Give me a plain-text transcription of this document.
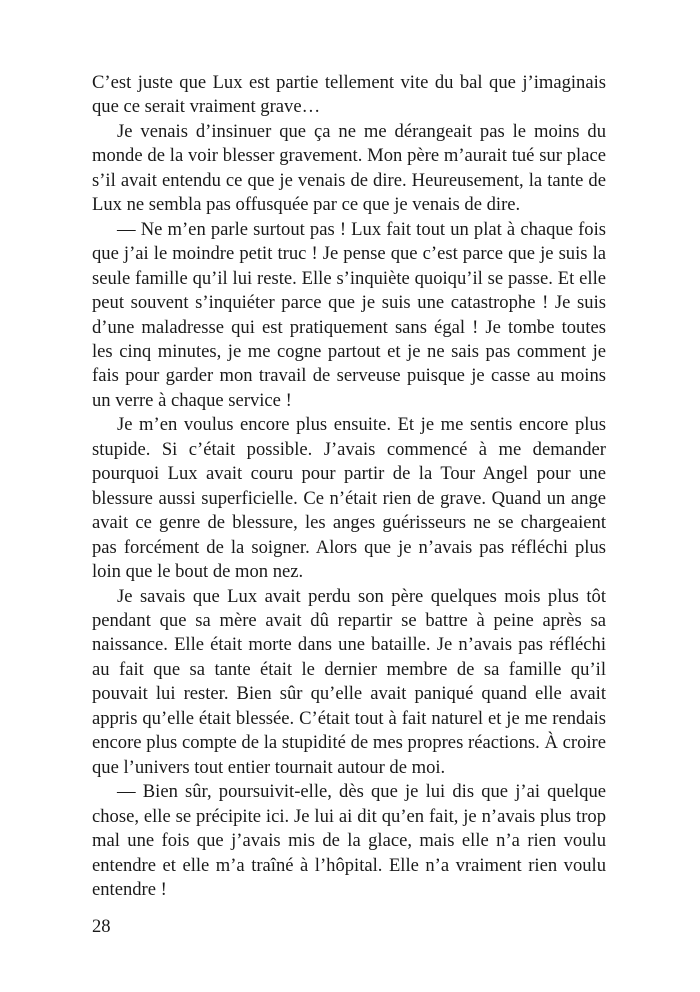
C’est juste que Lux est partie tellement vite du bal que j’imaginais que ce serait vraiment grave…

Je venais d’insinuer que ça ne me dérangeait pas le moins du monde de la voir blesser gravement. Mon père m’aurait tué sur place s’il avait entendu ce que je venais de dire. Heureusement, la tante de Lux ne sembla pas offusquée par ce que je venais de dire.

— Ne m’en parle surtout pas ! Lux fait tout un plat à chaque fois que j’ai le moindre petit truc ! Je pense que c’est parce que je suis la seule famille qu’il lui reste. Elle s’inquiète quoiqu’il se passe. Et elle peut souvent s’inquiéter parce que je suis une catastrophe ! Je suis d’une maladresse qui est pratiquement sans égal ! Je tombe toutes les cinq minutes, je me cogne partout et je ne sais pas comment je fais pour garder mon travail de serveuse puisque je casse au moins un verre à chaque service !

Je m’en voulus encore plus ensuite. Et je me sentis encore plus stupide. Si c’était possible. J’avais commencé à me demander pourquoi Lux avait couru pour partir de la Tour Angel pour une blessure aussi superficielle. Ce n’était rien de grave. Quand un ange avait ce genre de blessure, les anges guérisseurs ne se chargeaient pas forcément de la soigner. Alors que je n’avais pas réfléchi plus loin que le bout de mon nez.

Je savais que Lux avait perdu son père quelques mois plus tôt pendant que sa mère avait dû repartir se battre à peine après sa naissance. Elle était morte dans une bataille. Je n’avais pas réfléchi au fait que sa tante était le dernier membre de sa famille qu’il pouvait lui rester. Bien sûr qu’elle avait paniqué quand elle avait appris qu’elle était blessée. C’était tout à fait naturel et je me rendais encore plus compte de la stupidité de mes propres réactions. À croire que l’univers tout entier tournait autour de moi.

— Bien sûr, poursuivit-elle, dès que je lui dis que j’ai quelque chose, elle se précipite ici. Je lui ai dit qu’en fait, je n’avais plus trop mal une fois que j’avais mis de la glace, mais elle n’a rien voulu entendre et elle m’a traîné à l’hôpital. Elle n’a vraiment rien voulu entendre !

28
